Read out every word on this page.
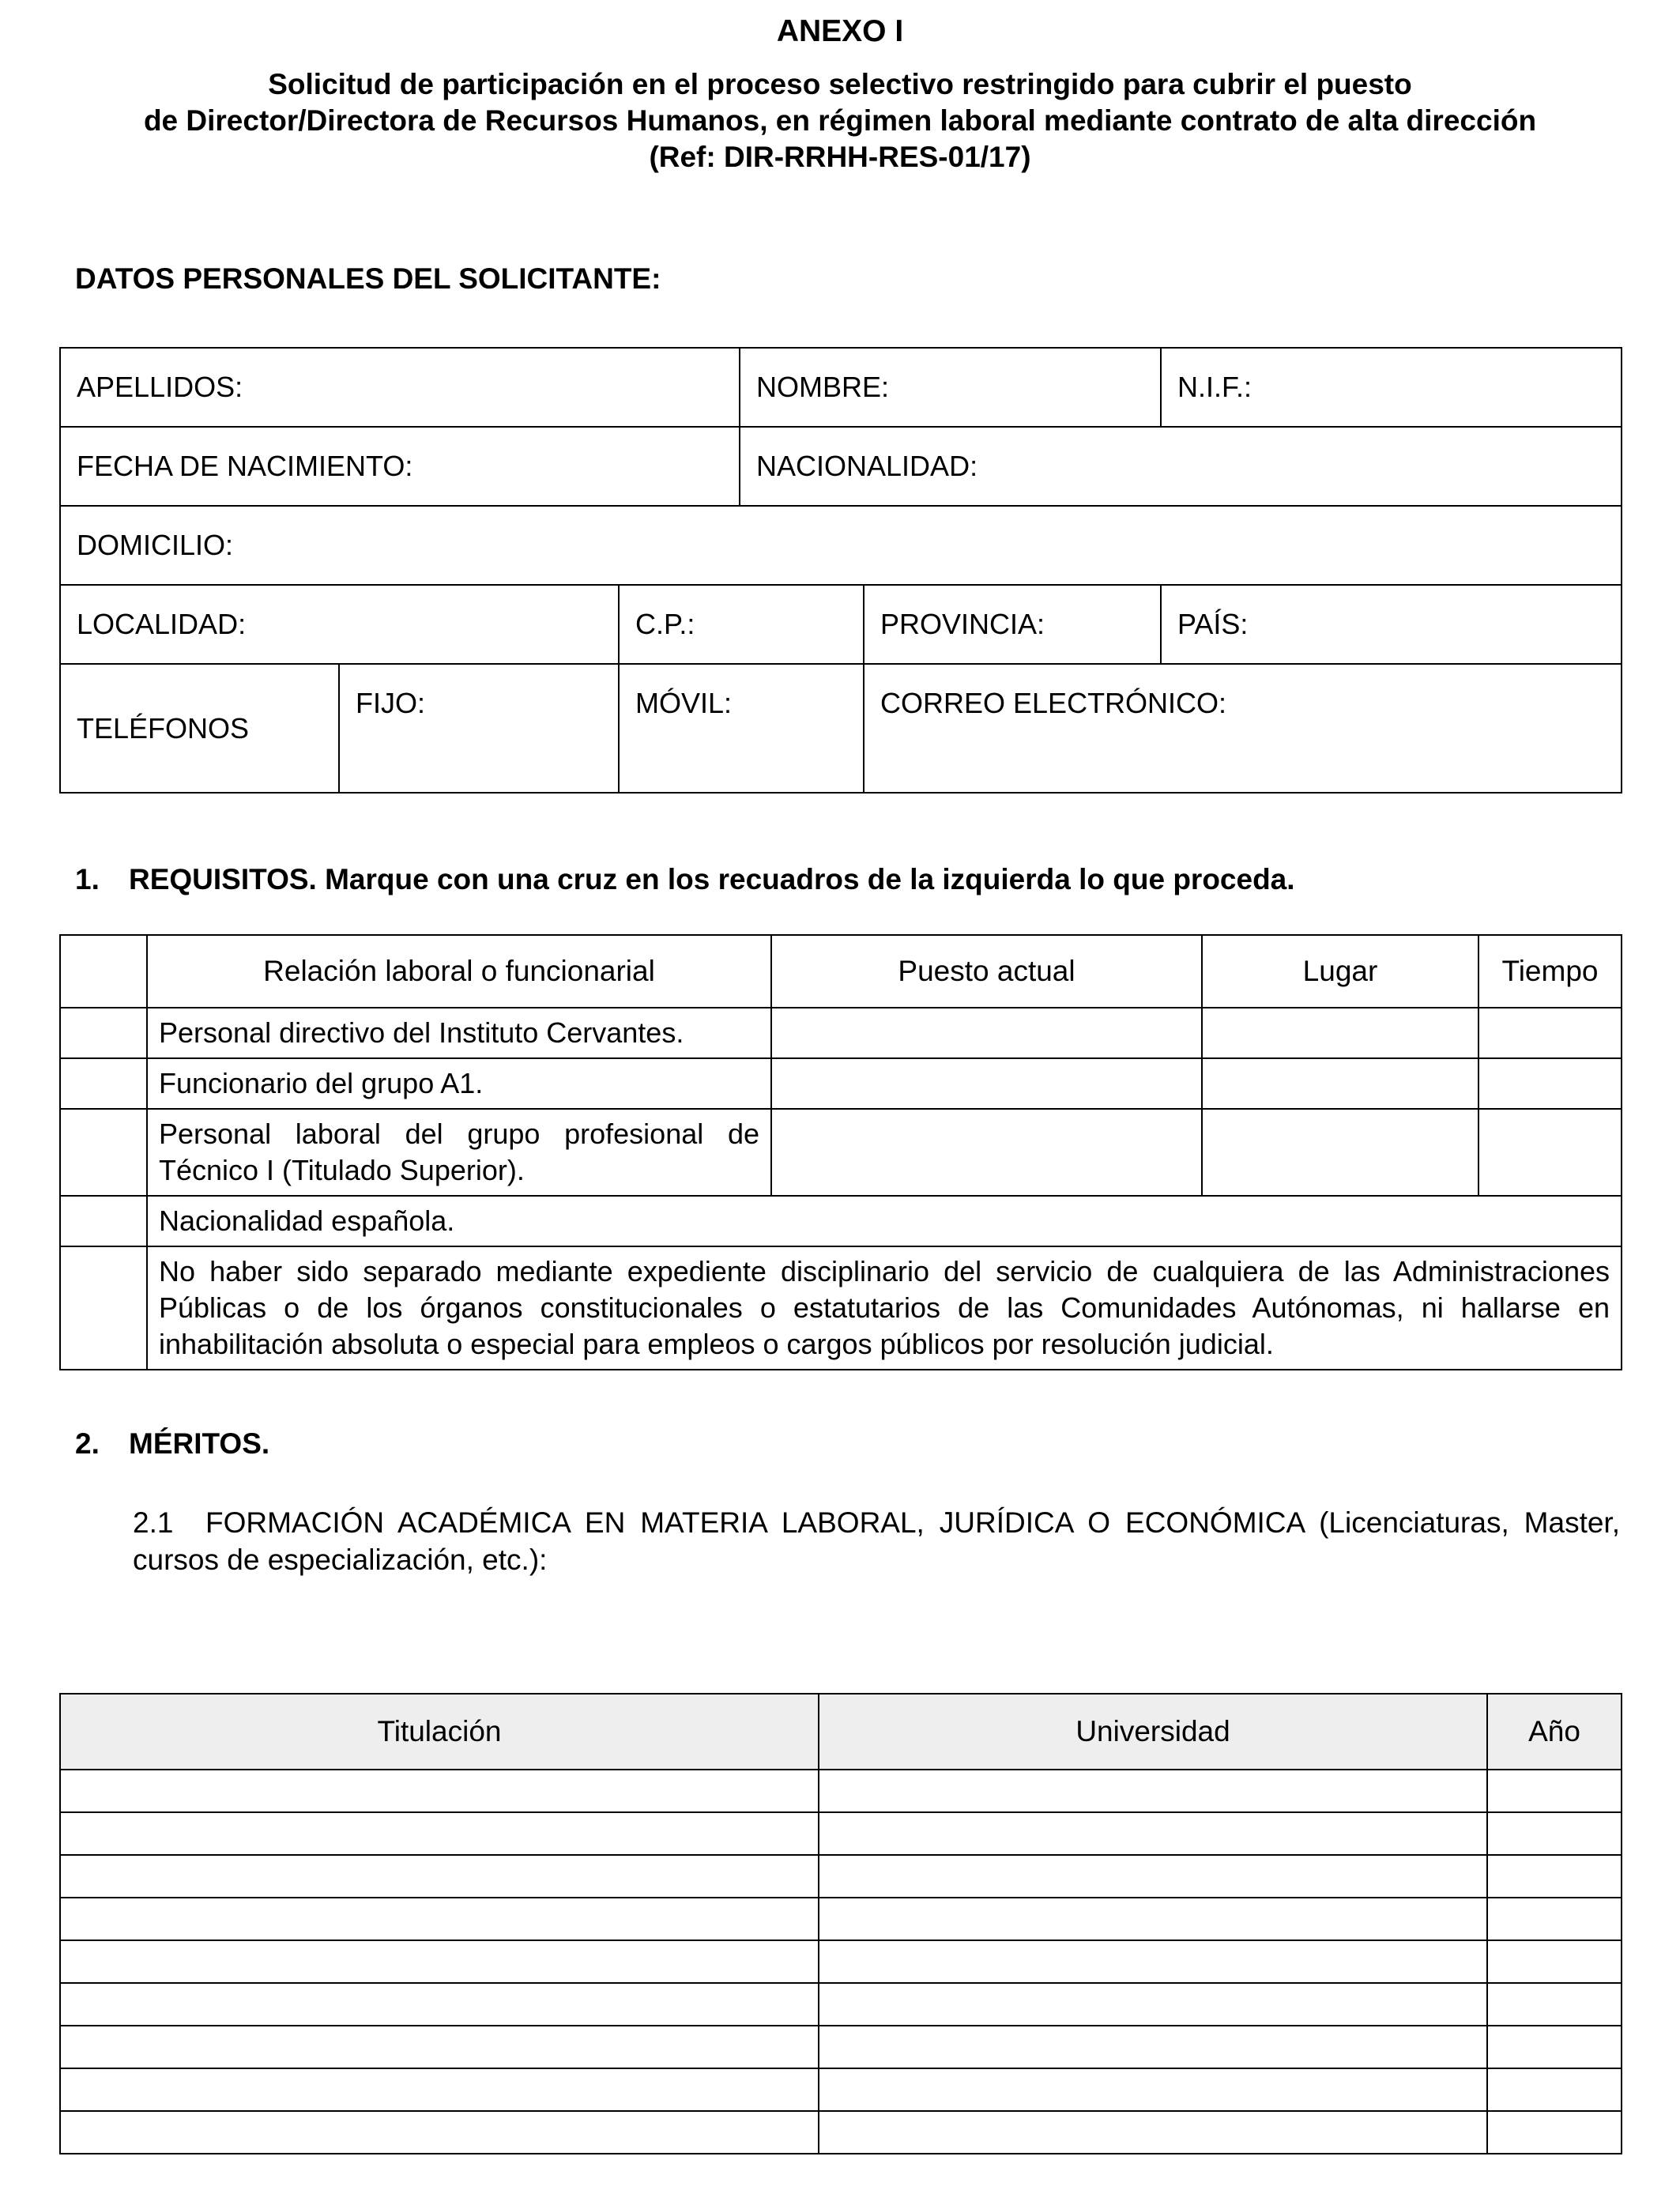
ANEXO I
Solicitud de participación en el proceso selectivo restringido para cubrir el puesto
de Director/Directora de Recursos Humanos, en régimen laboral mediante contrato de alta dirección
(Ref: DIR-RRHH-RES-01/17)
DATOS PERSONALES DEL SOLICITANTE:
APELLIDOS:			NOMBRE:		N.I.F.:
FECHA DE NACIMIENTO:			NACIONALIDAD:		
DOMICILIO:					
LOCALIDAD:		C.P.:		PROVINCIA:	PAÍS:
TELÉFONOS	FIJO:	MÓVIL:		CORREO ELECTRÓNICO:	
1. REQUISITOS. Marque con una cruz en los recuadros de la izquierda lo que proceda.
	Relación laboral o funcionarial	Puesto actual	Lugar	Tiempo
	Personal directivo del Instituto Cervantes.			
	Funcionario del grupo A1.			
	Personal laboral del grupo profesional de Técnico I (Titulado Superior).			
	Nacionalidad española.			
	No haber sido separado mediante expediente disciplinario del servicio de cualquiera de las Administraciones Públicas o de los órganos constitucionales o estatutarios de las Comunidades Autónomas, ni hallarse en inhabilitación absoluta o especial para empleos o cargos públicos por resolución judicial.			
2. MÉRITOS.
2.1 FORMACIÓN ACADÉMICA EN MATERIA LABORAL, JURÍDICA O ECONÓMICA (Licenciaturas, Master, cursos de especialización, etc.):
Titulación	Universidad	Año
